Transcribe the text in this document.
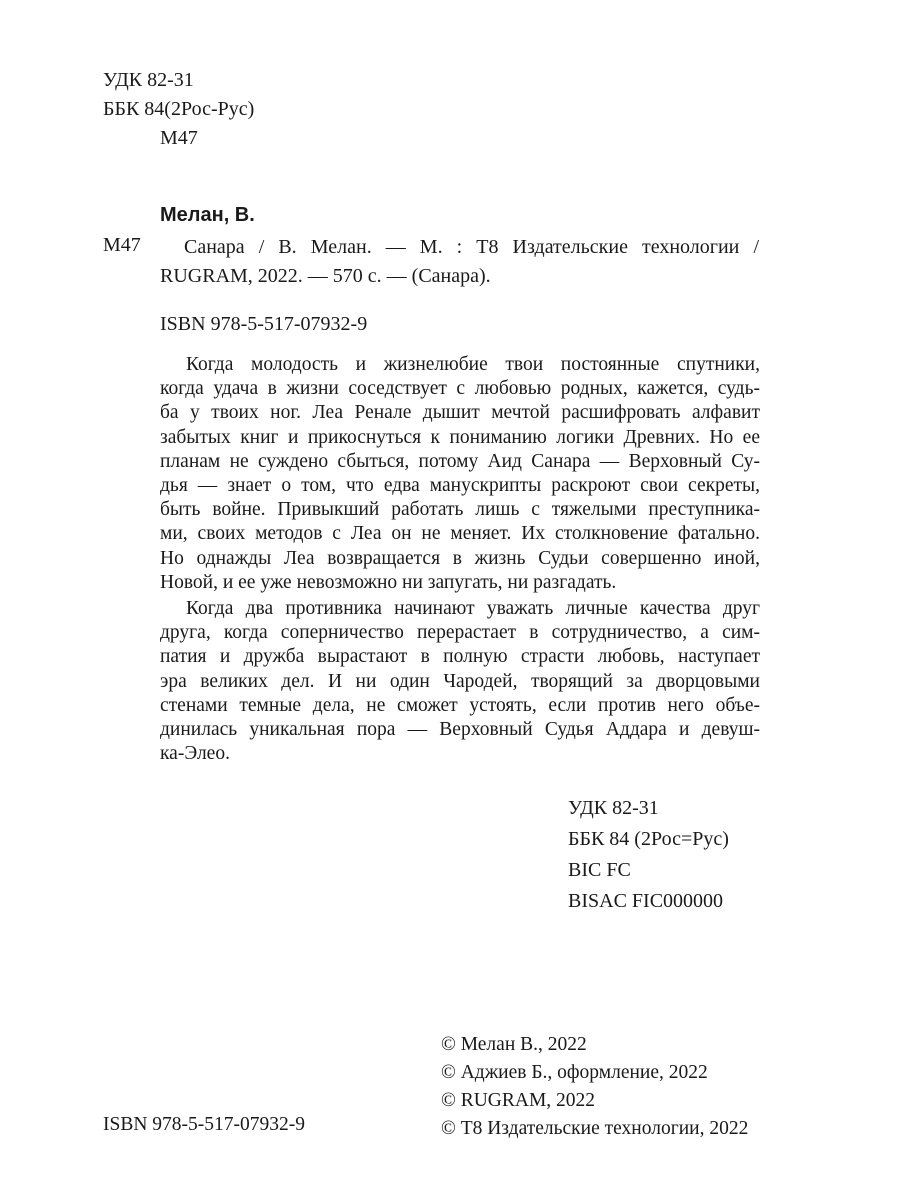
УДК 82-31
ББК 84(2Рос-Рус)
М47
Мелан, В.
М47 Санара / В. Мелан. — М. : Т8 Издательские технологии /
RUGRAM, 2022. — 570 с. — (Санара).
ISBN 978-5-517-07932-9

Когда молодость и жизнелюбие твои постоянные спутники,
когда удача в жизни соседствует с любовью родных, кажется, судь-
ба у твоих ног. Леа Ренале дышит мечтой расшифровать алфавит
забытых книг и прикоснуться к пониманию логики Древних. Но ее
планам не суждено сбыться, потому Аид Санара — Верховный Су-
дья — знает о том, что едва манускрипты раскроют свои секреты,
быть войне. Привыкший работать лишь с тяжелыми преступника-
ми, своих методов с Леа он не меняет. Их столкновение фатально.
Но однажды Леа возвращается в жизнь Судьи совершенно иной,
Новой, и ее уже невозможно ни запугать, ни разгадать.

Когда два противника начинают уважать личные качества друг
друга, когда соперничество перерастает в сотрудничество, а сим-
патия и дружба вырастают в полную страсти любовь, наступает
эра великих дел. И ни один Чародей, творящий за дворцовыми
стенами темные дела, не сможет устоять, если против него объе-
динилась уникальная пора — Верховный Судья Аддара и девуш-
ка-Элео.

УДК 82-31
ББК 84 (2Рос=Рус)
BIC FC
BISAC FIC000000
© Мелан В., 2022
© Аджиев Б., оформление, 2022
© RUGRAM, 2022
© Т8 Издательские технологии, 2022
ISBN 978-5-517-07932-9
